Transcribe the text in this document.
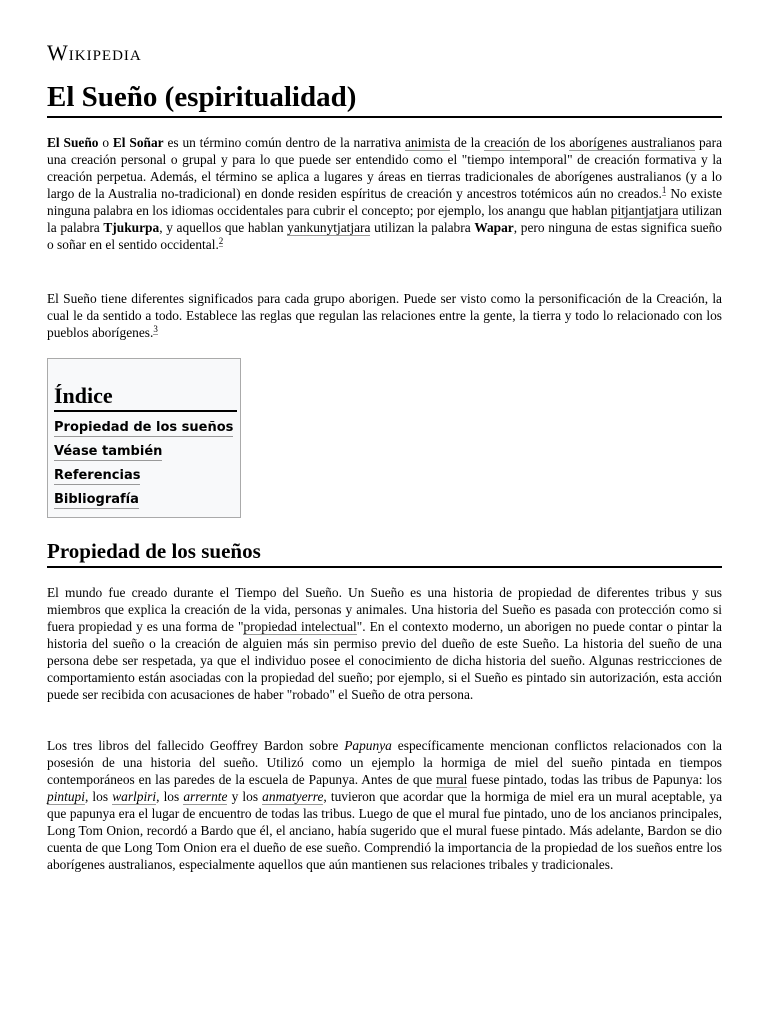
Wikipedia
El Sueño (espiritualidad)

El Sueño o El Soñar es un término común dentro de la narrativa animista de la creación de los aborígenes australianos para una creación personal o grupal y para lo que puede ser entendido como el "tiempo intemporal" de creación formativa y la creación perpetua. Además, el término se aplica a lugares y áreas en tierras tradicionales de aborígenes australianos (y a lo largo de la Australia no-tradicional) en donde residen espíritus de creación y ancestros totémicos aún no creados.$^1$ No existe ninguna palabra en los idiomas occidentales para cubrir el concepto; por ejemplo, los anangu que hablan pitjantjatjara utilizan la palabra Tjukurpa, y aquellos que hablan yankunytjatjara utilizan la palabra Wapar, pero ninguna de estas significa sueño o soñar en el sentido occidental.$^2$

El Sueño tiene diferentes significados para cada grupo aborigen. Puede ser visto como la personificación de la Creación, la cual le da sentido a todo. Establece las reglas que regulan las relaciones entre la gente, la tierra y todo lo relacionado con los pueblos aborígenes.$^3$

Índice
Propiedad de los sueños
Véase también
Referencias
Bibliografía
Propiedad de los sueños

El mundo fue creado durante el Tiempo del Sueño. Un Sueño es una historia de propiedad de diferentes tribus y sus miembros que explica la creación de la vida, personas y animales. Una historia del Sueño es pasada con protección como si fuera propiedad y es una forma de "propiedad intelectual". En el contexto moderno, un aborigen no puede contar o pintar la historia del sueño o la creación de alguien más sin permiso previo del dueño de este Sueño. La historia del sueño de una persona debe ser respetada, ya que el individuo posee el conocimiento de dicha historia del sueño. Algunas restricciones de comportamiento están asociadas con la propiedad del sueño; por ejemplo, si el Sueño es pintado sin autorización, esta acción puede ser recibida con acusaciones de haber "robado" el Sueño de otra persona.

Los tres libros del fallecido Geoffrey Bardon sobre Papunya específicamente mencionan conflictos relacionados con la posesión de una historia del sueño. Utilizó como un ejemplo la hormiga de miel del sueño pintada en tiempos contemporáneos en las paredes de la escuela de Papunya. Antes de que mural fuese pintado, todas las tribus de Papunya: los pintupi, los warlpiri, los arrernte y los anmatyerre, tuvieron que acordar que la hormiga de miel era un mural aceptable, ya que papunya era el lugar de encuentro de todas las tribus. Luego de que el mural fue pintado, uno de los ancianos principales, Long Tom Onion, recordó a Bardo que él, el anciano, había sugerido que el mural fuese pintado. Más adelante, Bardon se dio cuenta de que Long Tom Onion era el dueño de ese sueño. Comprendió la importancia de la propiedad de los sueños entre los aborígenes australianos, especialmente aquellos que aún mantienen sus relaciones tribales y tradicionales.
